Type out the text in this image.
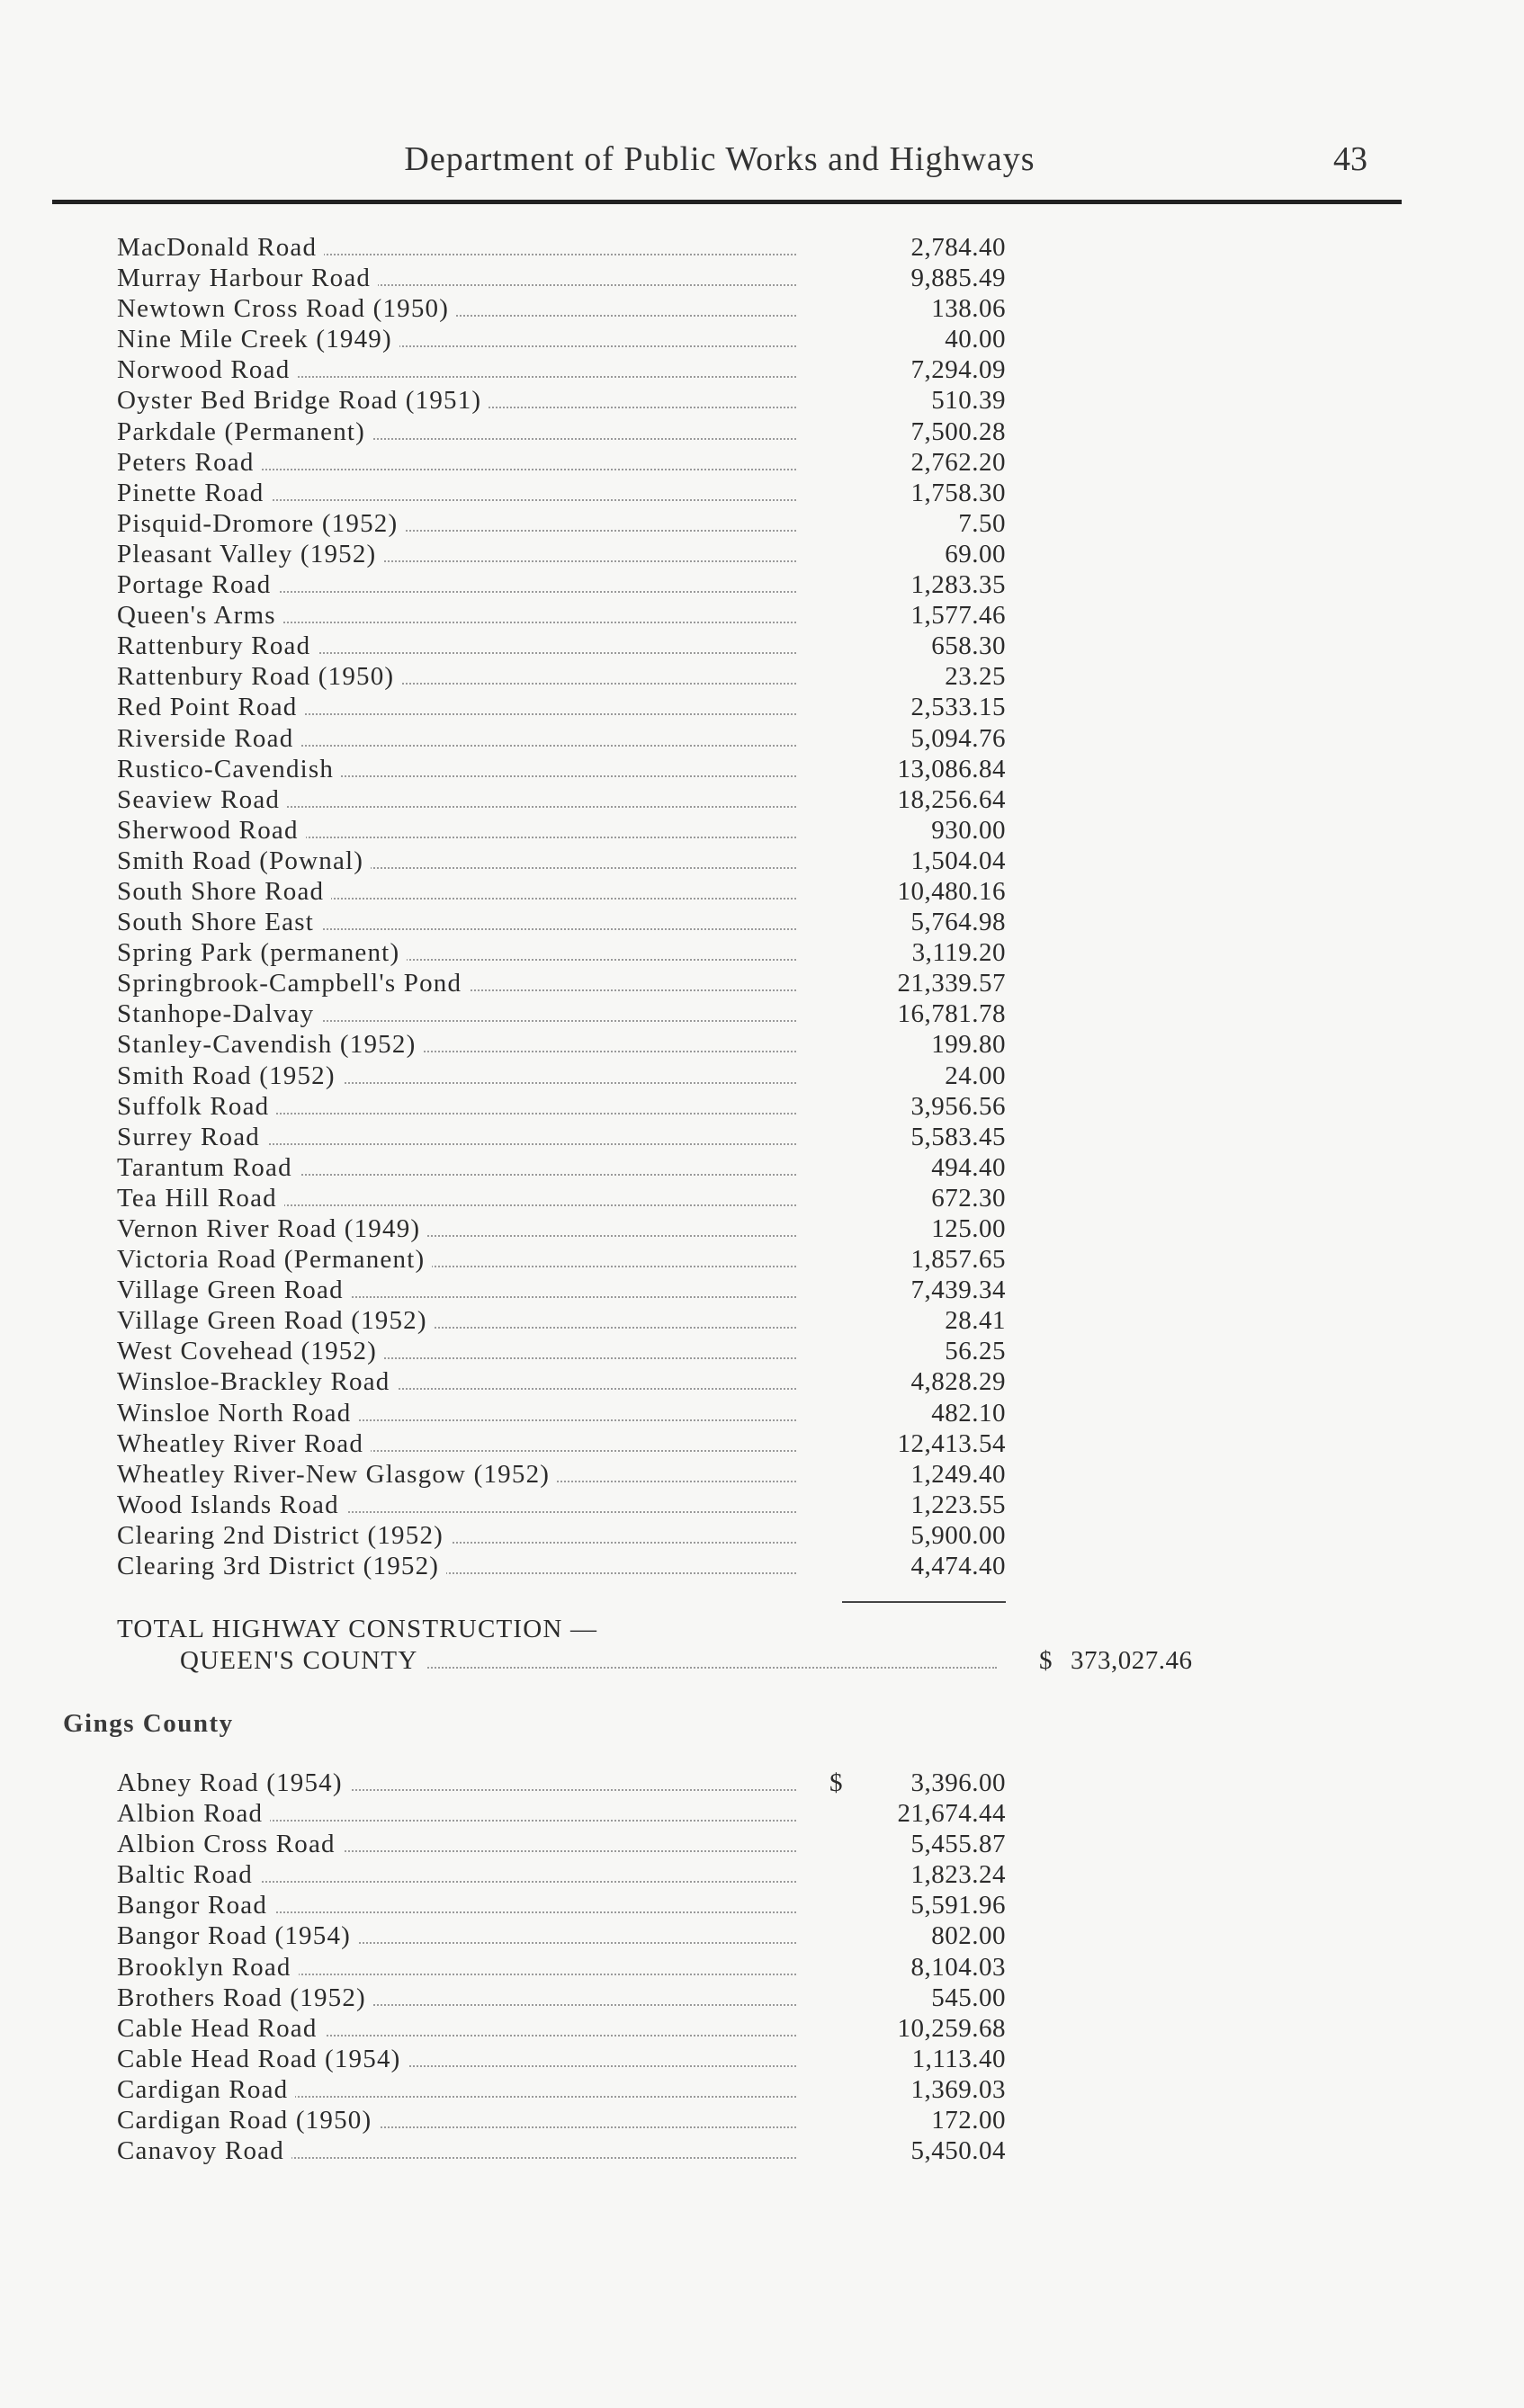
Department of Public Works and Highways	43
MacDonald Road	2,784.40
Murray Harbour Road	9,885.49
Newtown Cross Road (1950)	138.06
Nine Mile Creek (1949)	40.00
Norwood Road	7,294.09
Oyster Bed Bridge Road (1951)	510.39
Parkdale (Permanent)	7,500.28
Peters Road	2,762.20
Pinette Road	1,758.30
Pisquid-Dromore (1952)	7.50
Pleasant Valley (1952)	69.00
Portage Road	1,283.35
Queen's Arms	1,577.46
Rattenbury Road	658.30
Rattenbury Road (1950)	23.25
Red Point Road	2,533.15
Riverside Road	5,094.76
Rustico-Cavendish	13,086.84
Seaview Road	18,256.64
Sherwood Road	930.00
Smith Road (Pownal)	1,504.04
South Shore Road	10,480.16
South Shore East	5,764.98
Spring Park (permanent)	3,119.20
Springbrook-Campbell's Pond	21,339.57
Stanhope-Dalvay	16,781.78
Stanley-Cavendish (1952)	199.80
Smith Road (1952)	24.00
Suffolk Road	3,956.56
Surrey Road	5,583.45
Tarantum Road	494.40
Tea Hill Road	672.30
Vernon River Road (1949)	125.00
Victoria Road (Permanent)	1,857.65
Village Green Road	7,439.34
Village Green Road (1952)	28.41
West Covehead (1952)	56.25
Winsloe-Brackley Road	4,828.29
Winsloe North Road	482.10
Wheatley River Road	12,413.54
Wheatley River-New Glasgow (1952)	1,249.40
Wood Islands Road	1,223.55
Clearing 2nd District (1952)	5,900.00
Clearing 3rd District (1952)	4,474.40
TOTAL HIGHWAY CONSTRUCTION —
QUEEN'S COUNTY	$ 373,027.46
Gings County
Abney Road (1954)	$	3,396.00
Albion Road	21,674.44
Albion Cross Road	5,455.87
Baltic Road	1,823.24
Bangor Road	5,591.96
Bangor Road (1954)	802.00
Brooklyn Road	8,104.03
Brothers Road (1952)	545.00
Cable Head Road	10,259.68
Cable Head Road (1954)	1,113.40
Cardigan Road	1,369.03
Cardigan Road (1950)	172.00
Canavoy Road	5,450.04
